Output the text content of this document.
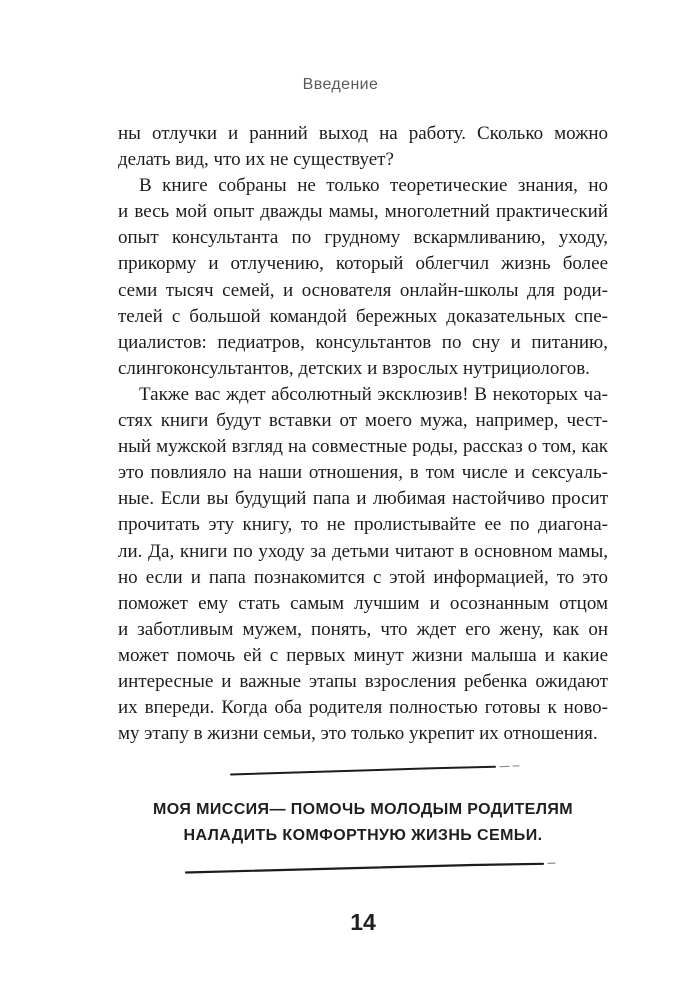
Введение
ны отлучки и ранний выход на работу. Сколько можно
делать вид, что их не существует?
В книге собраны не только теоретические знания, но
и весь мой опыт дважды мамы, многолетний практический
опыт консультанта по грудному вскармливанию, уходу,
прикорму и отлучению, который облегчил жизнь более
семи тысяч семей, и основателя онлайн-школы для роди-
телей с большой командой бережных доказательных спе-
циалистов: педиатров, консультантов по сну и питанию,
слингоконсультантов, детских и взрослых нутрициологов.
Также вас ждет абсолютный эксклюзив! В некоторых ча-
стях книги будут вставки от моего мужа, например, чест-
ный мужской взгляд на совместные роды, рассказ о том, как
это повлияло на наши отношения, в том числе и сексуаль-
ные. Если вы будущий папа и любимая настойчиво просит
прочитать эту книгу, то не пролистывайте ее по диагона-
ли. Да, книги по уходу за детьми читают в основном мамы,
но если и папа познакомится с этой информацией, то это
поможет ему стать самым лучшим и осознанным отцом
и заботливым мужем, понять, что ждет его жену, как он
может помочь ей с первых минут жизни малыша и какие
интересные и важные этапы взросления ребенка ожидают
их впереди. Когда оба родителя полностью готовы к ново-
му этапу в жизни семьи, это только укрепит их отношения.
МОЯ МИССИЯ— ПОМОЧЬ МОЛОДЫМ РОДИТЕЛЯМ
НАЛАДИТЬ КОМФОРТНУЮ ЖИЗНЬ СЕМЬИ.
14
